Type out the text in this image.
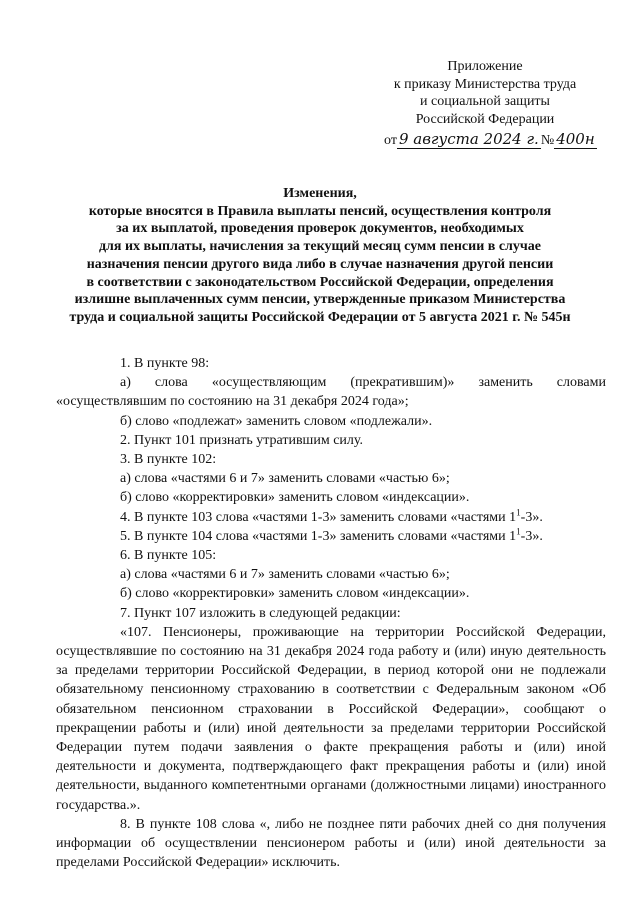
Приложение
к приказу Министерства труда
и социальной защиты
Российской Федерации
от 9 августа 2024 г. № 400н
Изменения,
которые вносятся в Правила выплаты пенсий, осуществления контроля
за их выплатой, проведения проверок документов, необходимых
для их выплаты, начисления за текущий месяц сумм пенсии в случае
назначения пенсии другого вида либо в случае назначения другой пенсии
в соответствии с законодательством Российской Федерации, определения
излишне выплаченных сумм пенсии, утвержденные приказом Министерства
труда и социальной защиты Российской Федерации от 5 августа 2021 г. № 545н

1. В пункте 98:

а) слова «осуществляющим (прекратившим)» заменить словами

«осуществлявшим по состоянию на 31 декабря 2024 года»;

б) слово «подлежат» заменить словом «подлежали».

2. Пункт 101 признать утратившим силу.

3. В пункте 102:

а) слова «частями 6 и 7» заменить словами «частью 6»;

б) слово «корректировки» заменить словом «индексации».

4. В пункте 103 слова «частями 1-3» заменить словами «частями $1^1-3$».

5. В пункте 104 слова «частями 1-3» заменить словами «частями $1^1-3$».

6. В пункте 105:

а) слова «частями 6 и 7» заменить словами «частью 6»;

б) слово «корректировки» заменить словом «индексации».

7. Пункт 107 изложить в следующей редакции:

«107. Пенсионеры, проживающие на территории Российской Федерации, осуществлявшие по состоянию на 31 декабря 2024 года работу и (или) иную деятельность за пределами территории Российской Федерации, в период которой они не подлежали обязательному пенсионному страхованию в соответствии с Федеральным законом «Об обязательном пенсионном страховании в Российской Федерации», сообщают о прекращении работы и (или) иной деятельности за пределами территории Российской Федерации путем подачи заявления о факте прекращения работы и (или) иной деятельности и документа, подтверждающего факт прекращения работы и (или) иной деятельности, выданного компетентными органами (должностными лицами) иностранного государства.».

8. В пункте 108 слова «, либо не позднее пяти рабочих дней со дня получения информации об осуществлении пенсионером работы и (или) иной деятельности за пределами Российской Федерации» исключить.
